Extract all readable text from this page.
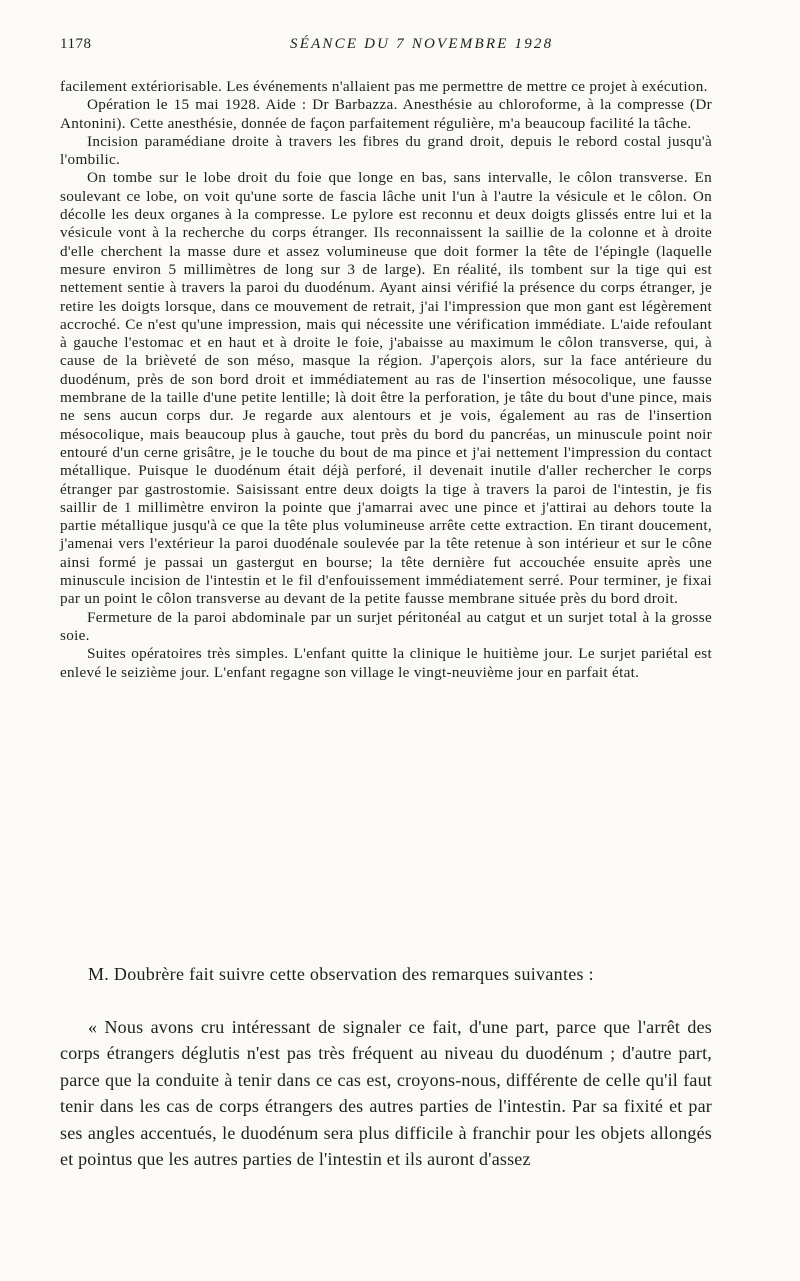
1178	SÉANCE DU 7 NOVEMBRE 1928

facilement extériorisable. Les événements n'allaient pas me permettre de mettre ce projet à exécution.

Opération le 15 mai 1928. Aide : Dr Barbazza. Anesthésie au chloroforme, à la compresse (Dr Antonini). Cette anesthésie, donnée de façon parfaitement régulière, m'a beaucoup facilité la tâche.

Incision paramédiane droite à travers les fibres du grand droit, depuis le rebord costal jusqu'à l'ombilic.

On tombe sur le lobe droit du foie que longe en bas, sans intervalle, le côlon transverse. En soulevant ce lobe, on voit qu'une sorte de fascia lâche unit l'un à l'autre la vésicule et le côlon. On décolle les deux organes à la compresse. Le pylore est reconnu et deux doigts glissés entre lui et la vésicule vont à la recherche du corps étranger. Ils reconnaissent la saillie de la colonne et à droite d'elle cherchent la masse dure et assez volumineuse que doit former la tête de l'épingle (laquelle mesure environ 5 millimètres de long sur 3 de large). En réalité, ils tombent sur la tige qui est nettement sentie à travers la paroi du duodénum. Ayant ainsi vérifié la présence du corps étranger, je retire les doigts lorsque, dans ce mouvement de retrait, j'ai l'impression que mon gant est légèrement accroché. Ce n'est qu'une impression, mais qui nécessite une vérification immédiate. L'aide refoulant à gauche l'estomac et en haut et à droite le foie, j'abaisse au maximum le côlon transverse, qui, à cause de la brièveté de son méso, masque la région. J'aperçois alors, sur la face antérieure du duodénum, près de son bord droit et immédiatement au ras de l'insertion mésocolique, une fausse membrane de la taille d'une petite lentille; là doit être la perforation, je tâte du bout d'une pince, mais ne sens aucun corps dur. Je regarde aux alentours et je vois, également au ras de l'insertion mésocolique, mais beaucoup plus à gauche, tout près du bord du pancréas, un minuscule point noir entouré d'un cerne grisâtre, je le touche du bout de ma pince et j'ai nettement l'impression du contact métallique. Puisque le duodénum était déjà perforé, il devenait inutile d'aller rechercher le corps étranger par gastrostomie. Saisissant entre deux doigts la tige à travers la paroi de l'intestin, je fis saillir de 1 millimètre environ la pointe que j'amarrai avec une pince et j'attirai au dehors toute la partie métallique jusqu'à ce que la tête plus volumineuse arrête cette extraction. En tirant doucement, j'amenai vers l'extérieur la paroi duodénale soulevée par la tête retenue à son intérieur et sur le cône ainsi formé je passai un gastergut en bourse; la tête dernière fut accouchée ensuite après une minuscule incision de l'intestin et le fil d'enfouissement immédiatement serré. Pour terminer, je fixai par un point le côlon transverse au devant de la petite fausse membrane située près du bord droit.

Fermeture de la paroi abdominale par un surjet péritonéal au catgut et un surjet total à la grosse soie.

Suites opératoires très simples. L'enfant quitte la clinique le huitième jour. Le surjet pariétal est enlevé le seizième jour. L'enfant regagne son village le vingt-neuvième jour en parfait état.

M. Doubrère fait suivre cette observation des remarques suivantes :

« Nous avons cru intéressant de signaler ce fait, d'une part, parce que l'arrêt des corps étrangers déglutis n'est pas très fréquent au niveau du duodénum ; d'autre part, parce que la conduite à tenir dans ce cas est, croyons-nous, différente de celle qu'il faut tenir dans les cas de corps étrangers des autres parties de l'intestin. Par sa fixité et par ses angles accentués, le duodénum sera plus difficile à franchir pour les objets allongés et pointus que les autres parties de l'intestin et ils auront d'assez
